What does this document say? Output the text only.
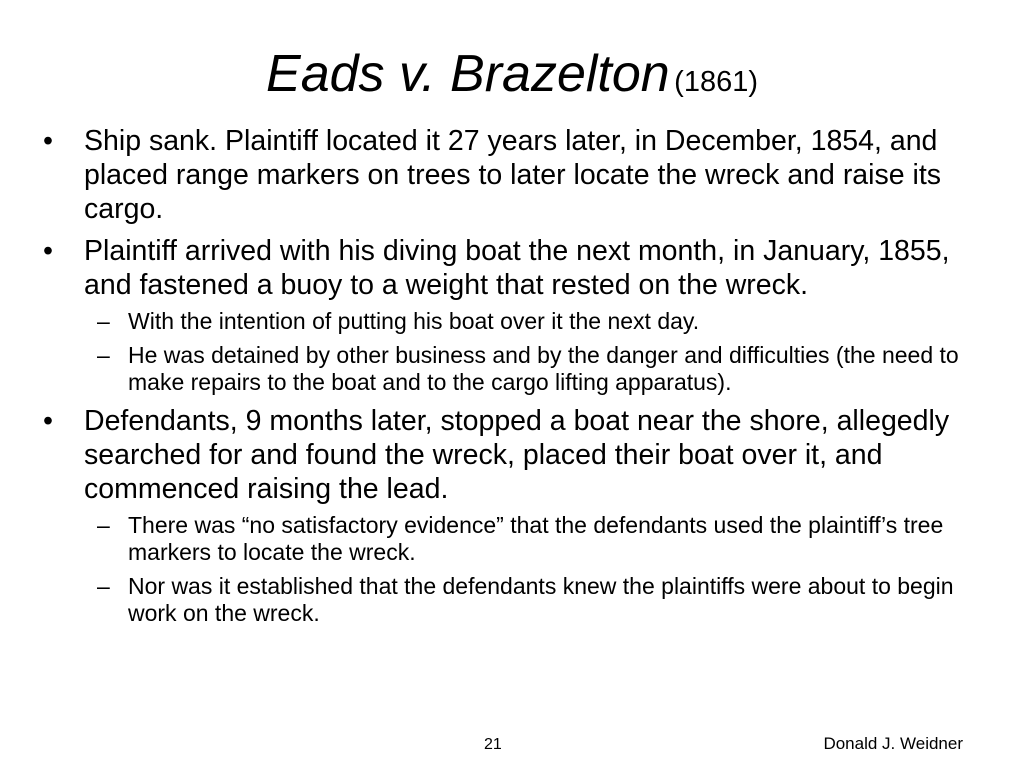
Eads v. Brazelton (1861)
• Ship sank. Plaintiff located it 27 years later, in December, 1854, and placed range markers on trees to later locate the wreck and raise its cargo.
• Plaintiff arrived with his diving boat the next month, in January, 1855, and fastened a buoy to a weight that rested on the wreck.
– With the intention of putting his boat over it the next day.
– He was detained by other business and by the danger and difficulties (the need to make repairs to the boat and to the cargo lifting apparatus).
• Defendants, 9 months later, stopped a boat near the shore, allegedly searched for and found the wreck, placed their boat over it, and commenced raising the lead.
– There was “no satisfactory evidence” that the defendants used the plaintiff’s tree markers to locate the wreck.
– Nor was it established that the defendants knew the plaintiffs were about to begin work on the wreck.
21	Donald J. Weidner
